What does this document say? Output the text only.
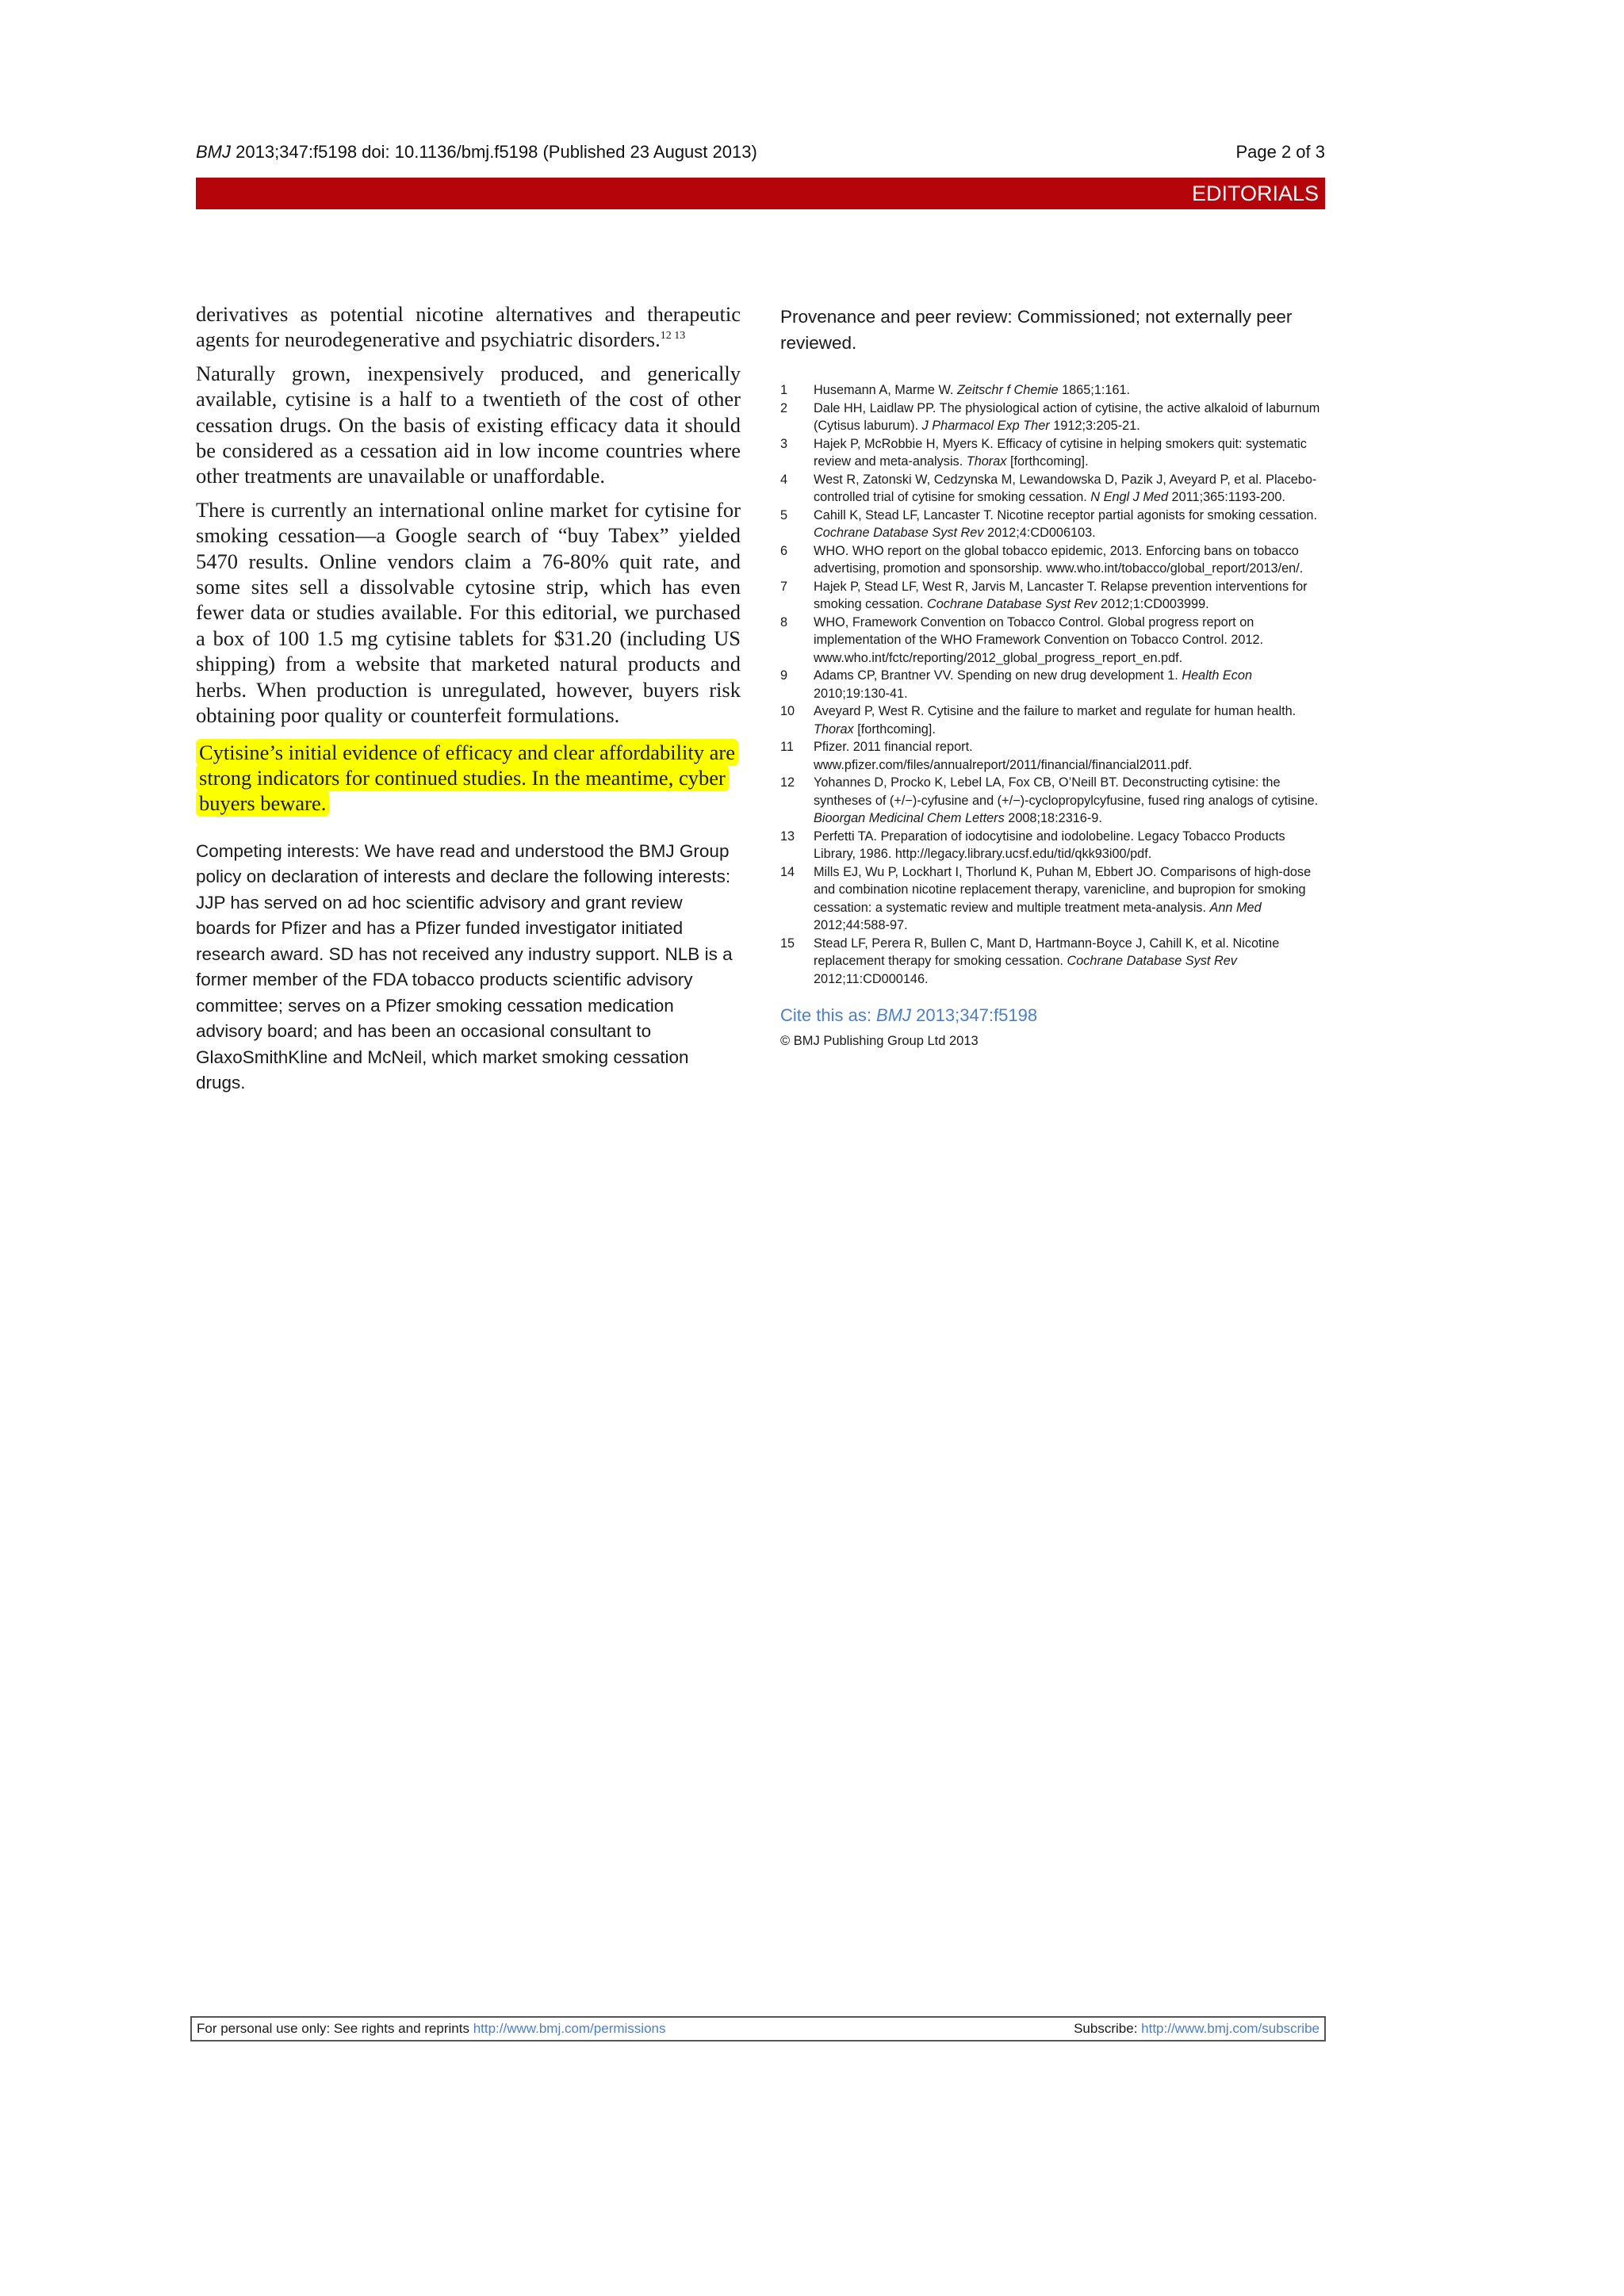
BMJ 2013;347:f5198 doi: 10.1136/bmj.f5198 (Published 23 August 2013)	Page 2 of 3
EDITORIALS

derivatives as potential nicotine alternatives and therapeutic agents for neurodegenerative and psychiatric disorders.$^{12 13}$

Naturally grown, inexpensively produced, and generically available, cytisine is a half to a twentieth of the cost of other cessation drugs. On the basis of existing efficacy data it should be considered as a cessation aid in low income countries where other treatments are unavailable or unaffordable.

There is currently an international online market for cytisine for smoking cessation—a Google search of “buy Tabex” yielded 5470 results. Online vendors claim a 76-80% quit rate, and some sites sell a dissolvable cytosine strip, which has even fewer data or studies available. For this editorial, we purchased a box of 100 1.5 mg cytisine tablets for $31.20 (including US shipping) from a website that marketed natural products and herbs. When production is unregulated, however, buyers risk obtaining poor quality or counterfeit formulations.

Cytisine’s initial evidence of efficacy and clear affordability are strong indicators for continued studies. In the meantime, cyber buyers beware.

Competing interests: We have read and understood the BMJ Group policy on declaration of interests and declare the following interests: JJP has served on ad hoc scientific advisory and grant review boards for Pfizer and has a Pfizer funded investigator initiated research award. SD has not received any industry support. NLB is a former member of the FDA tobacco products scientific advisory committee; serves on a Pfizer smoking cessation medication advisory board; and has been an occasional consultant to GlaxoSmithKline and McNeil, which market smoking cessation drugs.

Provenance and peer review: Commissioned; not externally peer reviewed.

1 Husemann A, Marme W. Zeitschr f Chemie 1865;1:161.
2 Dale HH, Laidlaw PP. The physiological action of cytisine, the active alkaloid of laburnum (Cytisus laburum). J Pharmacol Exp Ther 1912;3:205-21.
3 Hajek P, McRobbie H, Myers K. Efficacy of cytisine in helping smokers quit: systematic review and meta-analysis. Thorax [forthcoming].
4 West R, Zatonski W, Cedzynska M, Lewandowska D, Pazik J, Aveyard P, et al. Placebo-controlled trial of cytisine for smoking cessation. N Engl J Med 2011;365:1193-200.
5 Cahill K, Stead LF, Lancaster T. Nicotine receptor partial agonists for smoking cessation. Cochrane Database Syst Rev 2012;4:CD006103.
6 WHO. WHO report on the global tobacco epidemic, 2013. Enforcing bans on tobacco advertising, promotion and sponsorship. www.who.int/tobacco/global_report/2013/en/.
7 Hajek P, Stead LF, West R, Jarvis M, Lancaster T. Relapse prevention interventions for smoking cessation. Cochrane Database Syst Rev 2012;1:CD003999.
8 WHO, Framework Convention on Tobacco Control. Global progress report on implementation of the WHO Framework Convention on Tobacco Control. 2012. www.who.int/fctc/reporting/2012_global_progress_report_en.pdf.
9 Adams CP, Brantner VV. Spending on new drug development 1. Health Econ 2010;19:130-41.
10 Aveyard P, West R. Cytisine and the failure to market and regulate for human health. Thorax [forthcoming].
11 Pfizer. 2011 financial report. www.pfizer.com/files/annualreport/2011/financial/financial2011.pdf.
12 Yohannes D, Procko K, Lebel LA, Fox CB, O’Neill BT. Deconstructing cytisine: the syntheses of (+/−)-cyfusine and (+/−)-cyclopropylcyfusine, fused ring analogs of cytisine. Bioorgan Medicinal Chem Letters 2008;18:2316-9.
13 Perfetti TA. Preparation of iodocytisine and iodolobeline. Legacy Tobacco Products Library, 1986. http://legacy.library.ucsf.edu/tid/qkk93i00/pdf.
14 Mills EJ, Wu P, Lockhart I, Thorlund K, Puhan M, Ebbert JO. Comparisons of high-dose and combination nicotine replacement therapy, varenicline, and bupropion for smoking cessation: a systematic review and multiple treatment meta-analysis. Ann Med 2012;44:588-97.
15 Stead LF, Perera R, Bullen C, Mant D, Hartmann-Boyce J, Cahill K, et al. Nicotine replacement therapy for smoking cessation. Cochrane Database Syst Rev 2012;11:CD000146.
Cite this as: BMJ 2013;347:f5198
© BMJ Publishing Group Ltd 2013
For personal use only: See rights and reprints http://www.bmj.com/permissions	Subscribe: http://www.bmj.com/subscribe
